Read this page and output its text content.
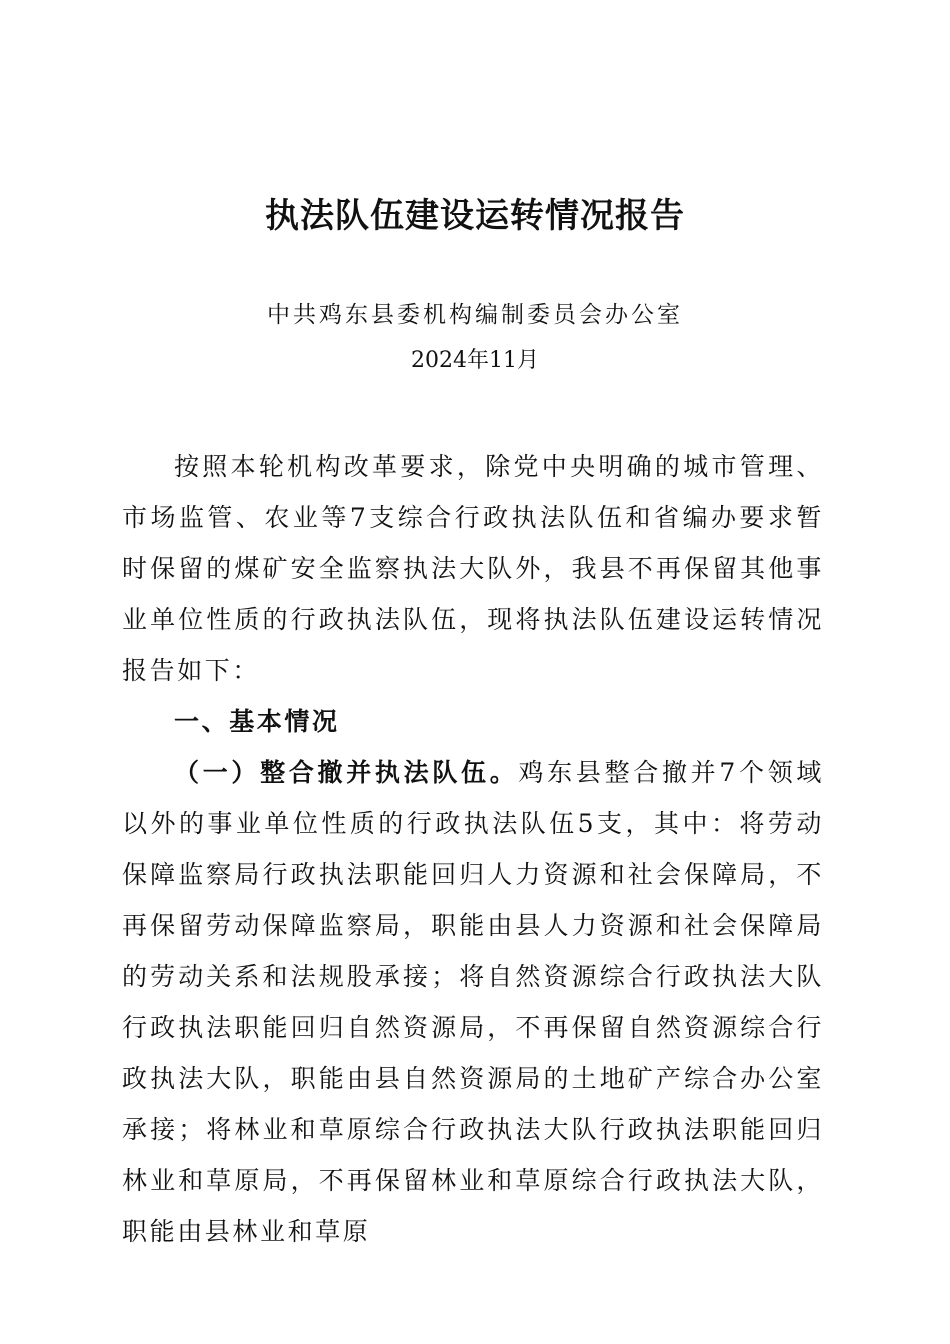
执法队伍建设运转情况报告
中共鸡东县委机构编制委员会办公室
2024年11月

按照本轮机构改革要求，除党中央明确的城市管理、市场监管、农业等7支综合行政执法队伍和省编办要求暂时保留的煤矿安全监察执法大队外，我县不再保留其他事业单位性质的行政执法队伍，现将执法队伍建设运转情况报告如下：

一、基本情况

（一）整合撤并执法队伍。鸡东县整合撤并7个领域以外的事业单位性质的行政执法队伍5支，其中：将劳动保障监察局行政执法职能回归人力资源和社会保障局，不再保留劳动保障监察局，职能由县人力资源和社会保障局的劳动关系和法规股承接；将自然资源综合行政执法大队行政执法职能回归自然资源局，不再保留自然资源综合行政执法大队，职能由县自然资源局的土地矿产综合办公室承接；将林业和草原综合行政执法大队行政执法职能回归林业和草原局，不再保留林业和草原综合行政执法大队，职能由县林业和草原
